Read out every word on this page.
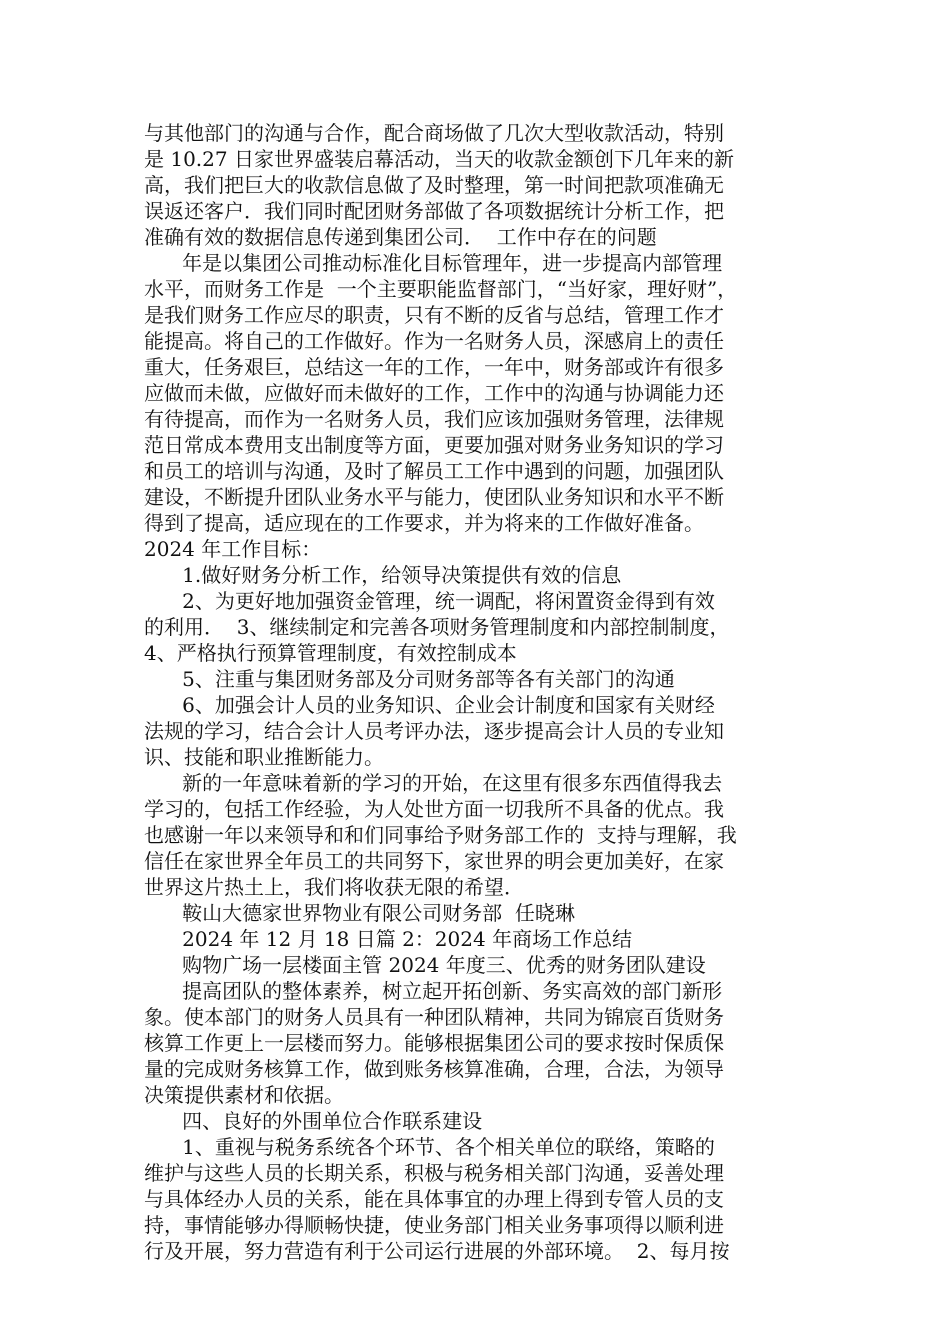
与其他部门的沟通与合作，配合商场做了几次大型收款活动，特别
是 10.27 日家世界盛装启幕活动，当天的收款金额创下几年来的新
高，我们把巨大的收款信息做了及时整理，第一时间把款项准确无
误返还客户．我们同时配团财务部做了各项数据统计分析工作，把
准确有效的数据信息传递到集团公司．  工作中存在的问题
年是以集团公司推动标准化目标管理年，进一步提高内部管理
水平，而财务工作是  一个主要职能监督部门，“当好家，理好财”，
是我们财务工作应尽的职责，只有不断的反省与总结，管理工作才
能提高。将自己的工作做好。作为一名财务人员，深感肩上的责任
重大，任务艰巨，总结这一年的工作，一年中，财务部或许有很多
应做而未做，应做好而未做好的工作，工作中的沟通与协调能力还
有待提高，而作为一名财务人员，我们应该加强财务管理，法律规
范日常成本费用支出制度等方面，更要加强对财务业务知识的学习
和员工的培训与沟通，及时了解员工工作中遇到的问题，加强团队
建设，不断提升团队业务水平与能力，使团队业务知识和水平不断
得到了提高，适应现在的工作要求，并为将来的工作做好准备。
2024 年工作目标：
1.做好财务分析工作，给领导决策提供有效的信息
2、为更好地加强资金管理，统一调配，将闲置资金得到有效
的利用．  3、继续制定和完善各项财务管理制度和内部控制制度，
4、严格执行预算管理制度，有效控制成本
5、注重与集团财务部及分司财务部等各有关部门的沟通
6、加强会计人员的业务知识、企业会计制度和国家有关财经
法规的学习，结合会计人员考评办法，逐步提高会计人员的专业知
识、技能和职业推断能力。
新的一年意味着新的学习的开始，在这里有很多东西值得我去
学习的，包括工作经验，为人处世方面一切我所不具备的优点。我
也感谢一年以来领导和和们同事给予财务部工作的  支持与理解，我
信任在家世界全年员工的共同努下，家世界的明会更加美好，在家
世界这片热土上，我们将收获无限的希望．
鞍山大德家世界物业有限公司财务部  任晓琳
2024 年 12 月 18 日篇 2：2024 年商场工作总结
购物广场一层楼面主管 2024 年度三、优秀的财务团队建设
提高团队的整体素养，树立起开拓创新、务实高效的部门新形
象。使本部门的财务人员具有一种团队精神，共同为锦宸百货财务
核算工作更上一层楼而努力。能够根据集团公司的要求按时保质保
量的完成财务核算工作，做到账务核算准确，合理，合法，为领导
决策提供素材和依据。
四、良好的外围单位合作联系建设
1、重视与税务系统各个环节、各个相关单位的联络，策略的
维护与这些人员的长期关系，积极与税务相关部门沟通，妥善处理
与具体经办人员的关系，能在具体事宜的办理上得到专管人员的支
持，事情能够办得顺畅快捷，使业务部门相关业务事项得以顺利进
行及开展，努力营造有利于公司运行进展的外部环境。  2、每月按
